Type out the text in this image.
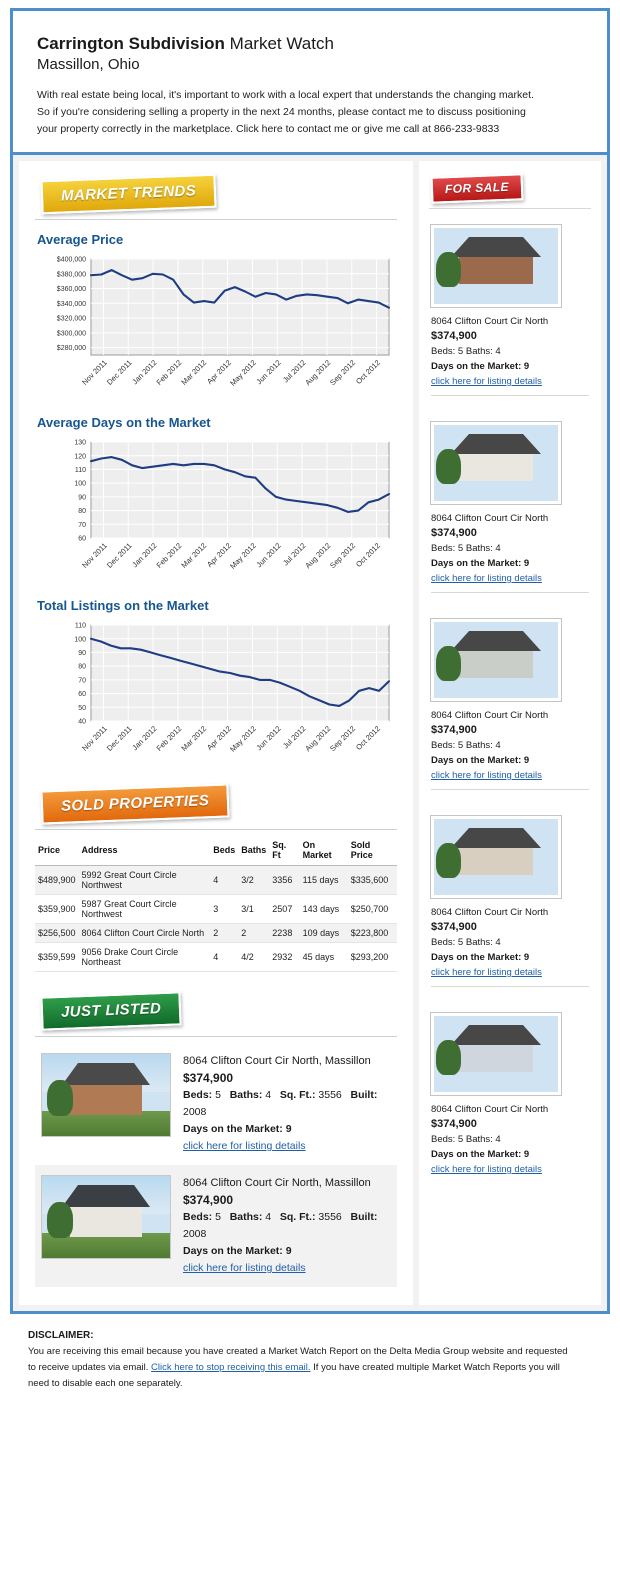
Carrington Subdivision Market Watch
Massillon, Ohio
With real estate being local, it's important to work with a local expert that understands the changing market.
So if you're considering selling a property in the next 24 months, please contact me to discuss positioning
your property correctly in the marketplace. Click here to contact me or give me call at 866-233-9833
MARKET TRENDS
Average Price
$280,000
$300,000
$320,000
$340,000
$360,000
$380,000
$400,000
Nov 2011
Dec 2011
Jan 2012
Feb 2012
Mar 2012
Apr 2012
May 2012
Jun 2012
Jul 2012
Aug 2012
Sep 2012
Oct 2012
Average Days on the Market
60
70
80
90
100
110
120
130
Nov 2011
Dec 2011
Jan 2012
Feb 2012
Mar 2012
Apr 2012
May 2012
Jun 2012
Jul 2012
Aug 2012
Sep 2012
Oct 2012
Total Listings on the Market
40
50
60
70
80
90
100
110
Nov 2011
Dec 2011
Jan 2012
Feb 2012
Mar 2012
Apr 2012
May 2012
Jun 2012
Jul 2012
Aug 2012
Sep 2012
Oct 2012
SOLD PROPERTIES
Price	Address	Beds	Baths	Sq. Ft	On Market	Sold Price
$489,900	5992 Great Court Circle Northwest	4	3/2	3356	115 days	$335,600
$359,900	5987 Great Court Circle Northwest	3	3/1	2507	143 days	$250,700
$256,500	8064 Clifton Court Circle North	2	2	2238	109 days	$223,800
$359,599	9056 Drake Court Circle Northeast	4	4/2	2932	45 days	$293,200
JUST LISTED
8064 Clifton Court Cir North, Massillon
$374,900
Beds: 5   Baths: 4   Sq. Ft.: 3556   Built: 2008
Days on the Market: 9
click here for listing details
8064 Clifton Court Cir North, Massillon
$374,900
Beds: 5   Baths: 4   Sq. Ft.: 3556   Built: 2008
Days on the Market: 9
click here for listing details
FOR SALE
8064 Clifton Court Cir North
$374,900
Beds: 5 Baths: 4
Days on the Market: 9
click here for listing details
8064 Clifton Court Cir North
$374,900
Beds: 5 Baths: 4
Days on the Market: 9
click here for listing details
8064 Clifton Court Cir North
$374,900
Beds: 5 Baths: 4
Days on the Market: 9
click here for listing details
8064 Clifton Court Cir North
$374,900
Beds: 5 Baths: 4
Days on the Market: 9
click here for listing details
8064 Clifton Court Cir North
$374,900
Beds: 5 Baths: 4
Days on the Market: 9
click here for listing details
DISCLAIMER:
You are receiving this email because you have created a Market Watch Report on the Delta Media Group website and requested
to receive updates via email. Click here to stop receiving this email. If you have created multiple Market Watch Reports you will
need to disable each one separately.
